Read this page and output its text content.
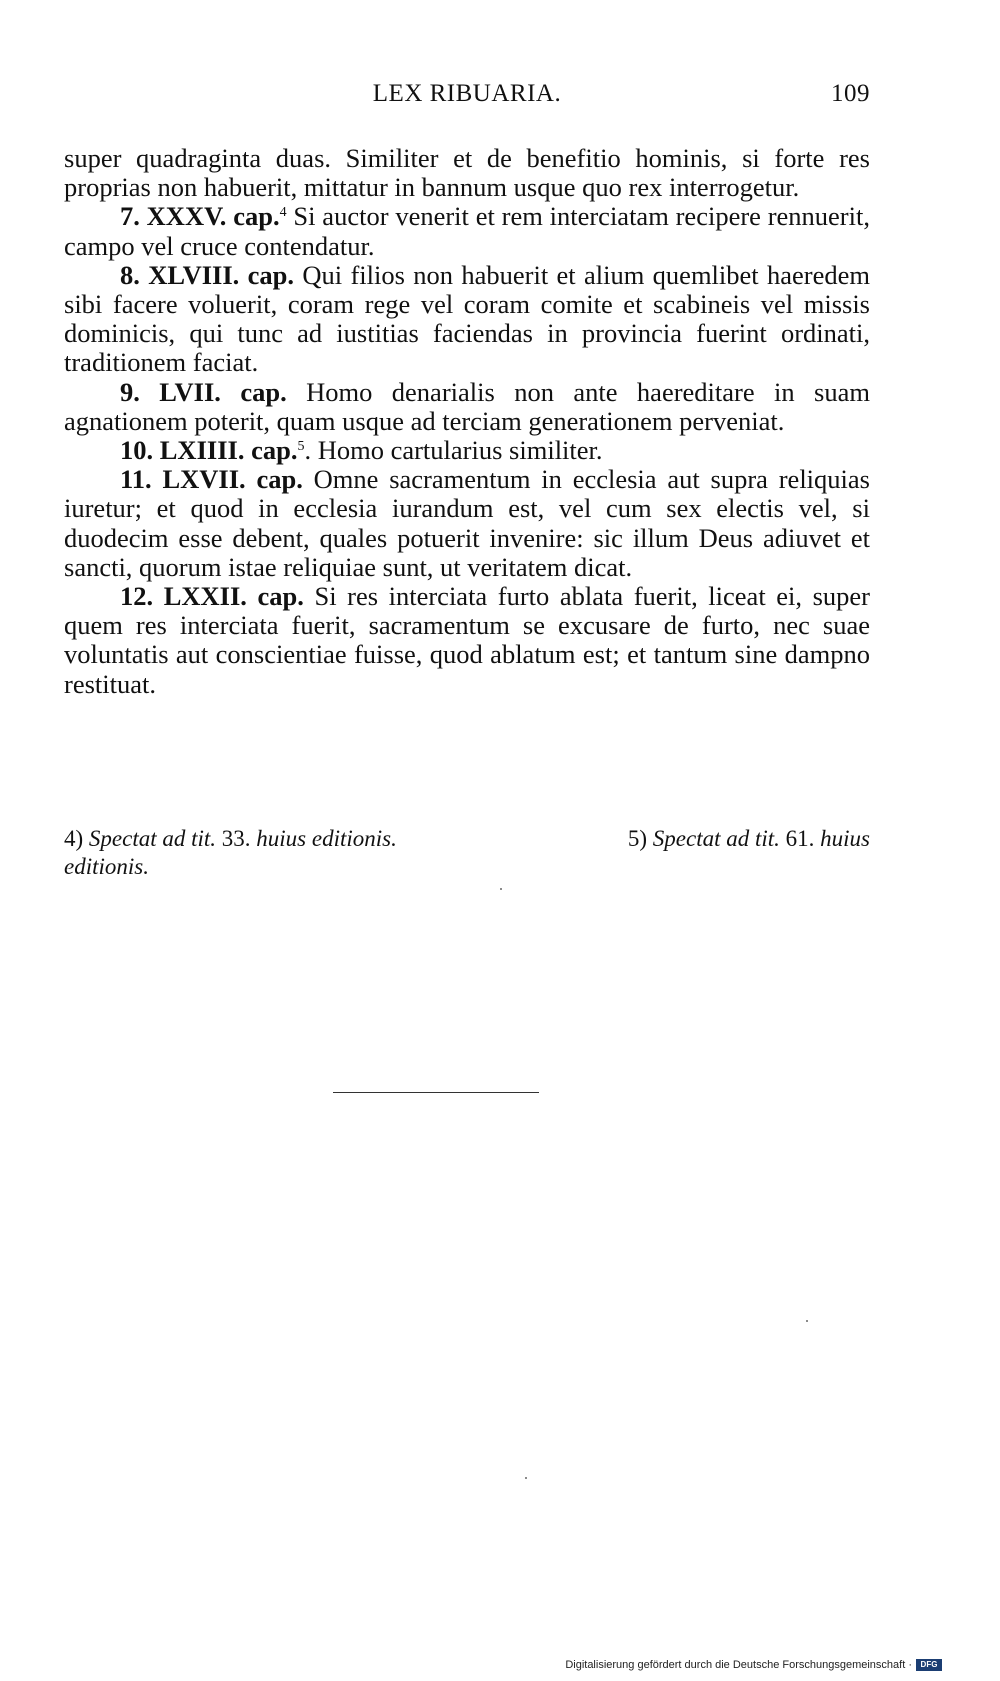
LEX RIBUARIA.	109

super quadraginta duas. Similiter et de benefitio hominis, si forte res proprias non habuerit, mittatur in bannum usque quo rex interrogetur.

7. XXXV. cap.$^4$ Si auctor venerit et rem interciatam recipere rennuerit, campo vel cruce contendatur.

8. XLVIII. cap. Qui filios non habuerit et alium quemlibet haeredem sibi facere voluerit, coram rege vel coram comite et scabineis vel missis dominicis, qui tunc ad iustitias faciendas in provincia fuerint ordinati, traditionem faciat.

9. LVII. cap. Homo denarialis non ante haereditare in suam agnationem poterit, quam usque ad terciam generationem perveniat.

10. LXIIII. cap.$^5$. Homo cartularius similiter.

11. LXVII. cap. Omne sacramentum in ecclesia aut supra reliquias iuretur; et quod in ecclesia iurandum est, vel cum sex electis vel, si duodecim esse debent, quales potuerit invenire: sic illum Deus adiuvet et sancti, quorum istae reliquiae sunt, ut veritatem dicat.

12. LXXII. cap. Si res interciata furto ablata fuerit, liceat ei, super quem res interciata fuerit, sacramentum se excusare de furto, nec suae voluntatis aut conscientiae fuisse, quod ablatum est; et tantum sine dampno restituat.

4) Spectat ad tit. 33. huius editionis.	5) Spectat ad tit. 61. huius
editionis.
Digitalisierung gefördert durch die Deutsche Forschungsgemeinschaft ·	DFG
